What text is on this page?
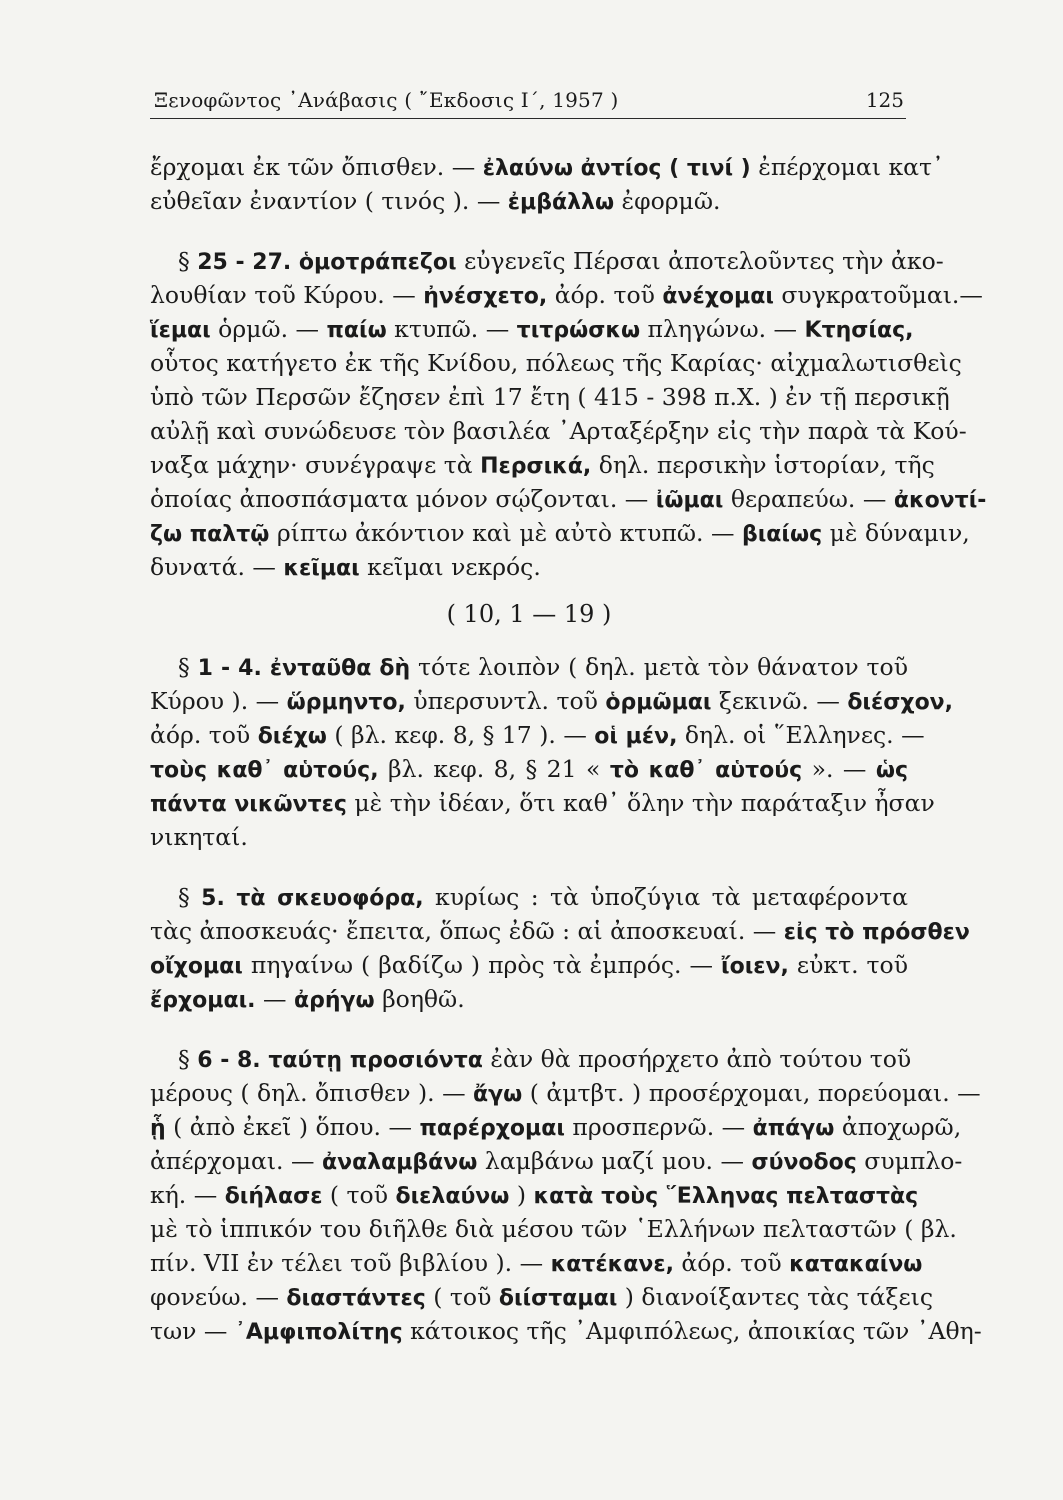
Ξενοφῶντος ᾿Ανάβασις ( ῎Εκδοσις Ι΄, 1957 )	125
ἔρχομαι ἐκ τῶν ὄπισθεν. — ἐλαύνω ἀντίος ( τινί ) ἐπέρχομαι κατ᾽
εὐθεῖαν ἐναντίον ( τινός ). — ἐμβάλλω ἐφορμῶ.
§ 25 - 27. ὁμοτράπεζοι εὐγενεῖς Πέρσαι ἀποτελοῦντες τὴν ἀκο-
λουθίαν τοῦ Κύρου. — ἠνέσχετο, ἀόρ. τοῦ ἀνέχομαι συγκρατοῦμαι.—
ἵεμαι ὁρμῶ. — παίω κτυπῶ. — τιτρώσκω πληγώνω. — Κτησίας,
οὗτος κατήγετο ἐκ τῆς Κνίδου, πόλεως τῆς Καρίας· αἰχμαλωτισθεὶς
ὑπὸ τῶν Περσῶν ἔζησεν ἐπὶ 17 ἔτη ( 415 - 398 π.Χ. ) ἐν τῇ περσικῇ
αὐλῇ καὶ συνώδευσε τὸν βασιλέα ᾿Αρταξέρξην εἰς τὴν παρὰ τὰ Κού-
ναξα μάχην· συνέγραψε τὰ Περσικά, δηλ. περσικὴν ἱστορίαν, τῆς
ὁποίας ἀποσπάσματα μόνον σῴζονται. — ἰῶμαι θεραπεύω. — ἀκοντί-
ζω παλτῷ ρίπτω ἀκόντιον καὶ μὲ αὐτὸ κτυπῶ. — βιαίως μὲ δύναμιν,
δυνατά. — κεῖμαι κεῖμαι νεκρός.
( 10, 1 — 19 )
§ 1 - 4. ἐνταῦθα δὴ τότε λοιπὸν ( δηλ. μετὰ τὸν θάνατον τοῦ
Κύρου ). — ὥρμηντο, ὑπερσυντλ. τοῦ ὁρμῶμαι ξεκινῶ. — διέσχον,
ἀόρ. τοῦ διέχω ( βλ. κεφ. 8, § 17 ). — οἱ μέν, δηλ. οἱ ῞Ελληνες. —
τοὺς καθ᾽ αὑτούς, βλ. κεφ. 8, § 21 « τὸ καθ᾽ αὑτούς ». — ὡς
πάντα νικῶντες μὲ τὴν ἰδέαν, ὅτι καθ᾽ ὅλην τὴν παράταξιν ἦσαν
νικηταί.
§ 5. τὰ σκευοφόρα, κυρίως : τὰ ὑποζύγια τὰ μεταφέροντα
τὰς ἀποσκευάς· ἔπειτα, ὅπως ἐδῶ : αἱ ἀποσκευαί. — εἰς τὸ πρόσθεν
οἴχομαι πηγαίνω ( βαδίζω ) πρὸς τὰ ἐμπρός. — ἴοιεν, εὐκτ. τοῦ
ἔρχομαι. — ἀρήγω βοηθῶ.
§ 6 - 8. ταύτῃ προσιόντα ἐὰν θὰ προσήρχετο ἀπὸ τούτου τοῦ
μέρους ( δηλ. ὄπισθεν ). — ἄγω ( ἀμτβτ. ) προσέρχομαι, πορεύομαι. —
ᾗ ( ἀπὸ ἐκεῖ ) ὅπου. — παρέρχομαι προσπερνῶ. — ἀπάγω ἀποχωρῶ,
ἀπέρχομαι. — ἀναλαμβάνω λαμβάνω μαζί μου. — σύνοδος συμπλο-
κή. — διήλασε ( τοῦ διελαύνω ) κατὰ τοὺς ῞Ελληνας πελταστὰς
μὲ τὸ ἱππικόν του διῆλθε διὰ μέσου τῶν ῾Ελλήνων πελταστῶν ( βλ.
πίν. VII ἐν τέλει τοῦ βιβλίου ). — κατέκανε, ἀόρ. τοῦ κατακαίνω
φονεύω. — διαστάντες ( τοῦ διίσταμαι ) διανοίξαντες τὰς τάξεις
των — ᾿Αμφιπολίτης κάτοικος τῆς ᾿Αμφιπόλεως, ἀποικίας τῶν ᾿Αθη-
